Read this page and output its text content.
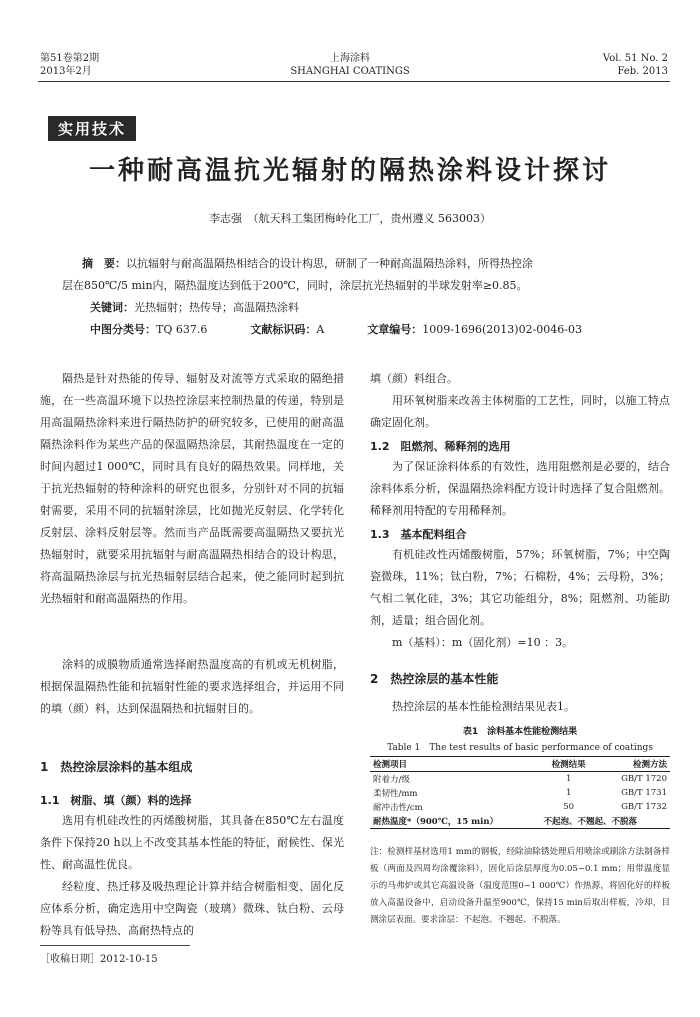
第51卷第2期
2013年2月
上海涂料
SHANGHAI COATINGS
Vol. 51 No. 2
Feb. 2013
实用技术
一种耐高温抗光辐射的隔热涂料设计探讨
李志强　（航天科工集团梅岭化工厂，贵州遵义 563003）
摘　要：以抗辐射与耐高温隔热相结合的设计构思，研制了一种耐高温隔热涂料，所得热控涂
层在850℃/5 min内，隔热温度达到低于200℃，同时，涂层抗光热辐射的半球发射率≥0.85。
关键词：光热辐射；热传导；高温隔热涂料
中图分类号：TQ 637.6	文献标识码：A	文章编号：1009-1696(2013)02-0046-03

隔热是针对热能的传导、辐射及对流等方式采取的隔绝措施，在一些高温环境下以热控涂层来控制热量的传递，特别是用高温隔热涂料来进行隔热防护的研究较多，已使用的耐高温隔热涂料作为某些产品的保温隔热涂层，其耐热温度在一定的时间内超过1 000℃，同时具有良好的隔热效果。同样地，关于抗光热辐射的特种涂料的研究也很多，分别针对不同的抗辐射需要，采用不同的抗辐射涂层，比如抛光反射层、化学转化反射层、涂料反射层等。然而当产品既需要高温隔热又要抗光热辐射时，就要采用抗辐射与耐高温隔热相结合的设计构思，将高温隔热涂层与抗光热辐射层结合起来，使之能同时起到抗光热辐射和耐高温隔热的作用。

涂料的成膜物质通常选择耐热温度高的有机或无机树脂，根据保温隔热性能和抗辐射性能的要求选择组合，并运用不同的填（颜）料，达到保温隔热和抗辐射目的。

1　热控涂层涂料的基本组成
1.1　树脂、填（颜）料的选择

选用有机硅改性的丙烯酸树脂，其具备在850℃左右温度条件下保持20 h以上不改变其基本性能的特征，耐候性、保光性、耐高温性优良。

经粒度、热迁移及吸热理论计算并结合树脂相变、固化反应体系分析，确定选用中空陶瓷（玻璃）微珠、钛白粉、云母粉等具有低导热、高耐热特点的

［收稿日期］2012-10-15

填（颜）料组合。

用环氧树脂来改善主体树脂的工艺性，同时，以施工特点确定固化剂。

1.2　阻燃剂、稀释剂的选用

为了保证涂料体系的有效性，选用阻燃剂是必要的，结合涂料体系分析，保温隔热涂料配方设计时选择了复合阻燃剂。稀释剂用特配的专用稀释剂。

1.3　基本配料组合

有机硅改性丙烯酸树脂，57%；环氧树脂，7%；中空陶瓷微珠，11%；钛白粉，7%；石棉粉，4%；云母粉，3%；气相二氧化硅，3%；其它功能组分，8%；阻燃剂、功能助剂，适量；组合固化剂。

m（基料）：m（固化剂）=10 ：3。

2　热控涂层的基本性能

热控涂层的基本性能检测结果见表1。

表1　涂料基本性能检测结果
Table 1　The test results of basic performance of coatings
检测项目	检测结果	检测方法
附着力/级	1	GB/T 1720
柔韧性/mm	1	GB/T 1731
耐冲击性/cm	50	GB/T 1732
耐热温度*（900℃，15 min）	不起泡、不翘起、不脱落	
注：检测样基材选用1 mm的钢板，经除油除锈处理后用喷涂或刷涂方法制备样板（两面及四周均涂覆涂料），固化后涂层厚度为0.05~0.1 mm；用带温度显示的马弗炉或其它高温设备（温度范围0~1 000℃）作热源，将固化好的样板放入高温设备中，启动设备升温至900℃，保持15 min后取出样板，冷却，目测涂层表面。要求涂层：不起泡、不翘起、不脱落。
